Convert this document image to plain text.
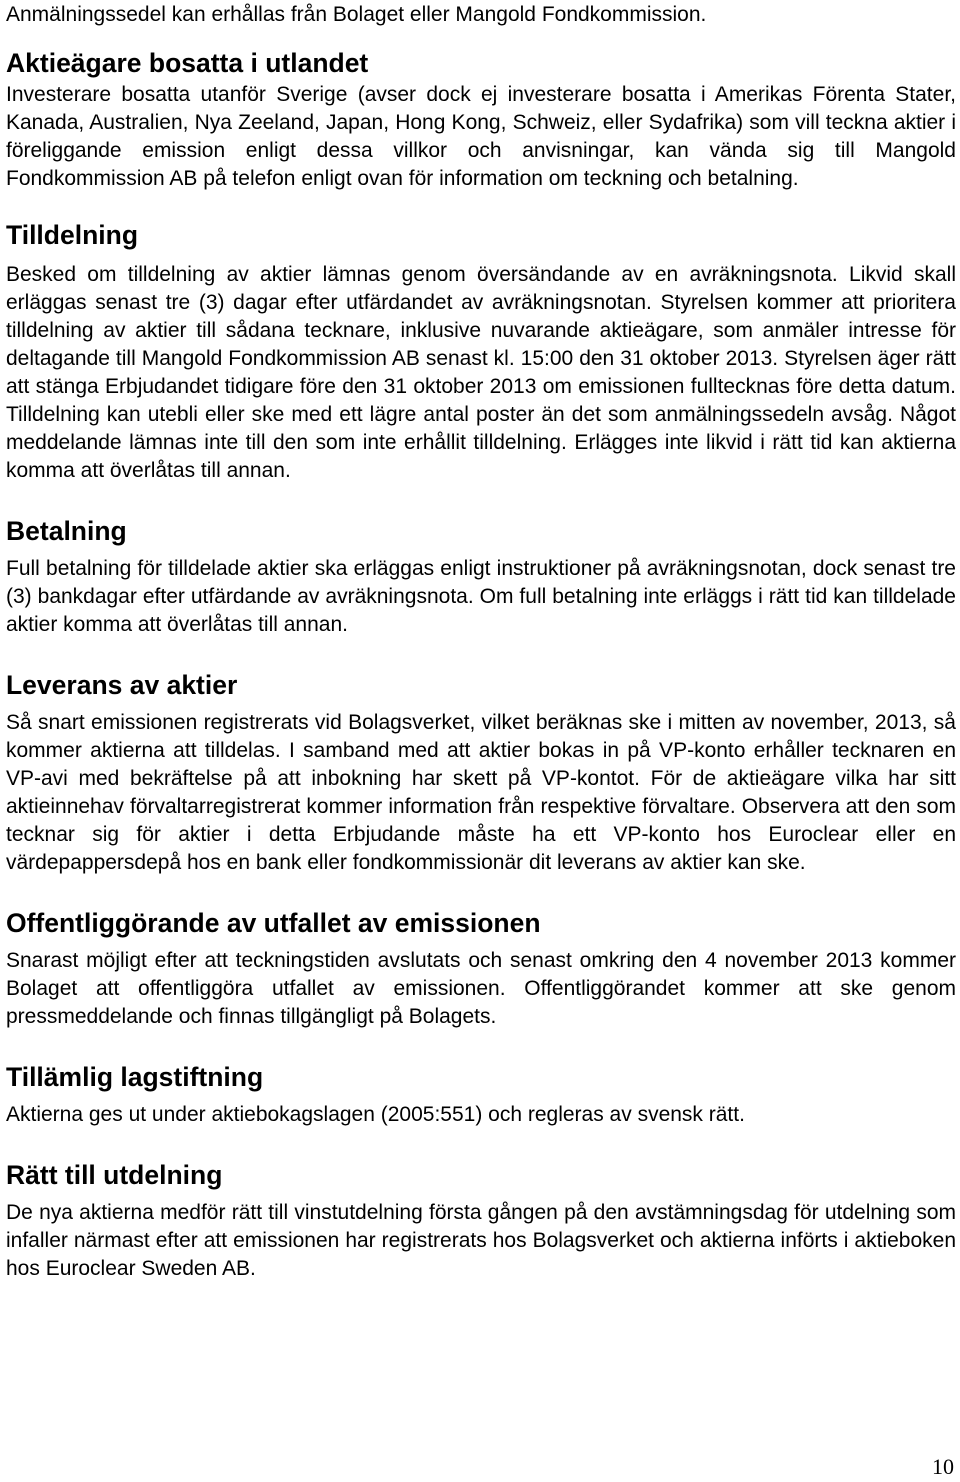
Anmälningssedel kan erhållas från Bolaget eller Mangold Fondkommission.

Aktieägare bosatta i utlandet

Investerare bosatta utanför Sverige (avser dock ej investerare bosatta i Amerikas Förenta Stater, Kanada, Australien, Nya Zeeland, Japan, Hong Kong, Schweiz, eller Sydafrika) som vill teckna aktier i föreliggande emission enligt dessa villkor och anvisningar, kan vända sig till Mangold Fondkommission AB på telefon enligt ovan för information om teckning och betalning.

Tilldelning

Besked om tilldelning av aktier lämnas genom översändande av en avräkningsnota. Likvid skall erläggas senast tre (3) dagar efter utfärdandet av avräkningsnotan. Styrelsen kommer att prioritera tilldelning av aktier till sådana tecknare, inklusive nuvarande aktieägare, som anmäler intresse för deltagande till Mangold Fondkommission AB senast kl. 15:00 den 31 oktober 2013. Styrelsen äger rätt att stänga Erbjudandet tidigare före den 31 oktober 2013 om emissionen fulltecknas före detta datum. Tilldelning kan utebli eller ske med ett lägre antal poster än det som anmälningssedeln avsåg. Något meddelande lämnas inte till den som inte erhållit tilldelning. Erlägges inte likvid i rätt tid kan aktierna komma att överlåtas till annan.

Betalning

Full betalning för tilldelade aktier ska erläggas enligt instruktioner på avräkningsnotan, dock senast tre (3) bankdagar efter utfärdande av avräkningsnota. Om full betalning inte erläggs i rätt tid kan tilldelade aktier komma att överlåtas till annan.

Leverans av aktier

Så snart emissionen registrerats vid Bolagsverket, vilket beräknas ske i mitten av november, 2013, så kommer aktierna att tilldelas. I samband med att aktier bokas in på VP-konto erhåller tecknaren en VP-avi med bekräftelse på att inbokning har skett på VP-kontot. För de aktieägare vilka har sitt aktieinnehav förvaltarregistrerat kommer information från respektive förvaltare. Observera att den som tecknar sig för aktier i detta Erbjudande måste ha ett VP-konto hos Euroclear eller en värdepappersdepå hos en bank eller fondkommissionär dit leverans av aktier kan ske.

Offentliggörande av utfallet av emissionen

Snarast möjligt efter att teckningstiden avslutats och senast omkring den 4 november 2013 kommer Bolaget att offentliggöra utfallet av emissionen. Offentliggörandet kommer att ske genom pressmeddelande och finnas tillgängligt på Bolagets.

Tillämlig lagstiftning

Aktierna ges ut under aktiebokagslagen (2005:551) och regleras av svensk rätt.

Rätt till utdelning

De nya aktierna medför rätt till vinstutdelning första gången på den avstämningsdag för utdelning som infaller närmast efter att emissionen har registrerats hos Bolagsverket och aktierna införts i aktieboken hos Euroclear Sweden AB.

10
